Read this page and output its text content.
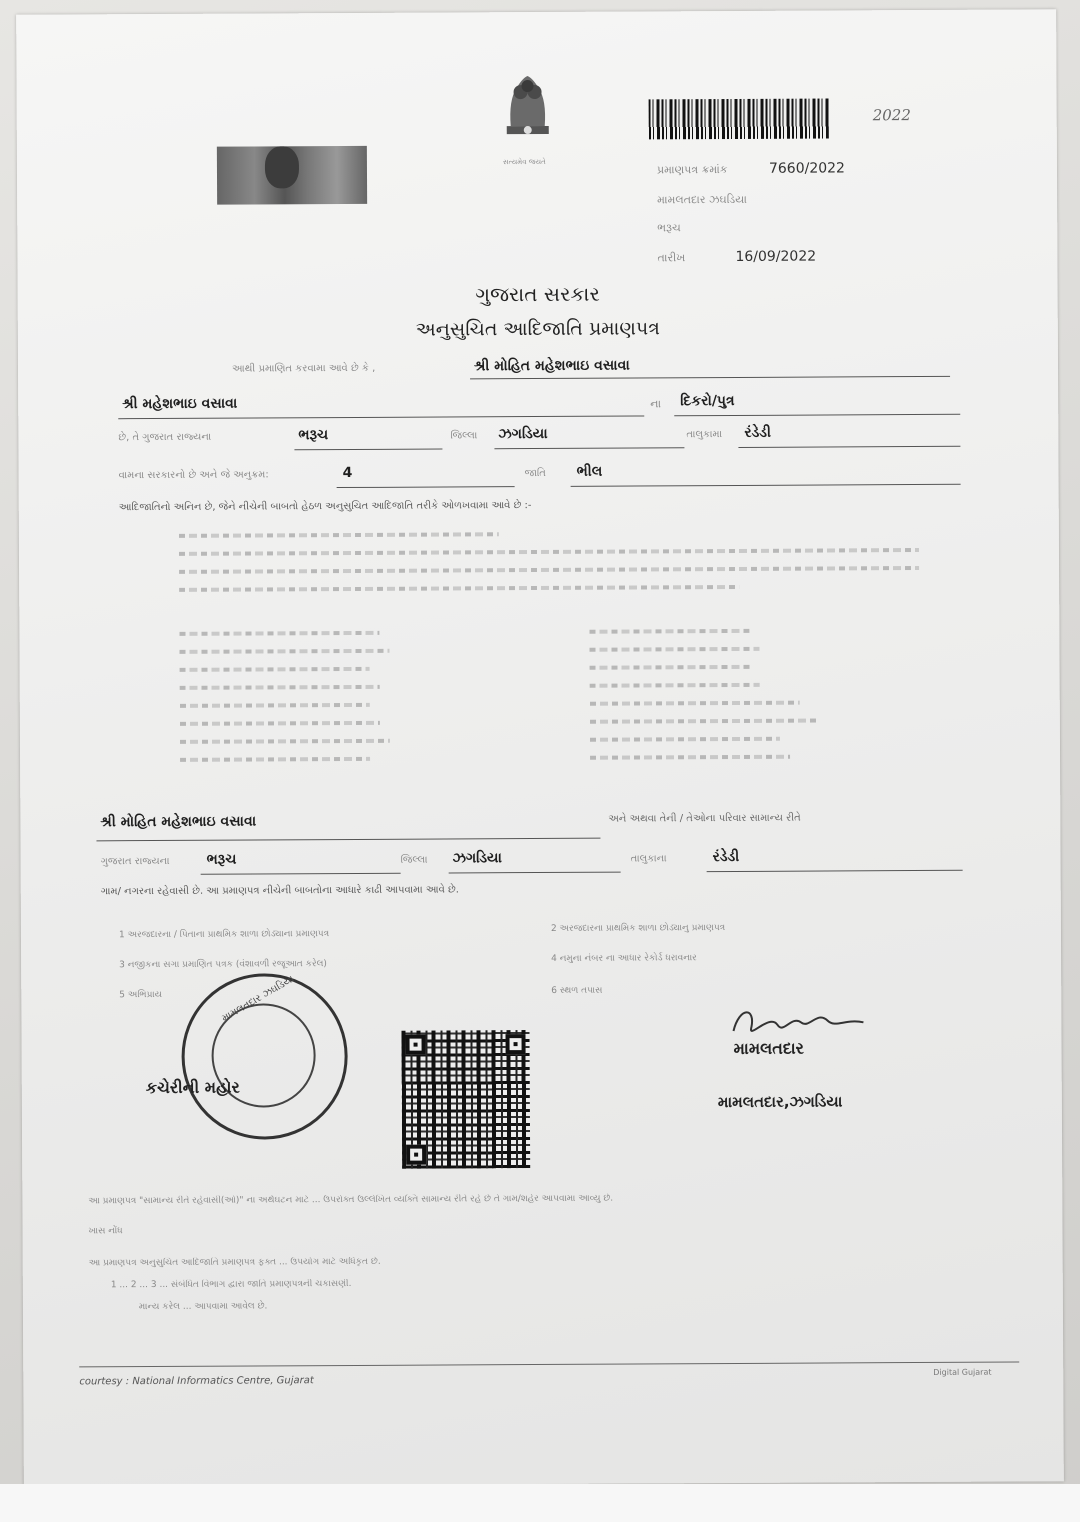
સત્યમેવ જયતે
2022
પ્રમાણપત્ર ક્રમાંક	7660/2022
મામલતદાર ઝઘડિયા
ભરૂચ
તારીખ	16/09/2022
ગુજરાત સરકાર
અનુસુચિત આદિજાતિ પ્રમાણપત્ર
આથી પ્રમાણિત કરવામા આવે છે કે ,	શ્રી મોહિત મહેશભાઇ વસાવા
શ્રી મહેશભાઇ વસાવા	ના દિકરો/પુત્ર
છે, તે ગુજરાત રાજ્યના	ભરૂચ	જિલ્લા ઝગડિયા	તાલુકામા રંડેડી
વામના સરકારનો છે અને જે અનુક્રમ:	4	જાતિ ભીલ
આદિજાતિનો અનિન છે, જેને નીચેની બાબતો હેઠળ અનુસુચિત આદિજાતિ તરીકે ઓળખવામા આવે છે :-
શ્રી મોહિત મહેશભાઇ વસાવા	અને અથવા તેની / તેઓના પરિવાર સામાન્ય રીતે
ગુજરાત રાજ્યના	ભરૂચ	જિલ્લા ઝગડિયા	તાલુકાના	રંડેડી
ગામ/ નગરના રહેવાસી છે. આ પ્રમાણપત્ર નીચેની બાબતોના આધારે કાઢી આપવામા આવે છે.
1 અરજદારના / પિતાના પ્રાથમિક શાળા છોડ્યાના પ્રમાણપત્ર
2 અરજદારના પ્રાથમિક શાળા છોડ્યાનુ પ્રમાણપત્ર
3 નજીકના સગા પ્રમાણિત પત્રક (વંશાવળી રજૂઆત કરેલ)
4 નમુના નંબર ના આધાર રેકોર્ડ ધરાવનાર
5 અભિપ્રાય	6 સ્થળ તપાસ
મામલતદાર ઝઘડિયા
કચેરીની મહોર
મામલતદાર
મામલતદાર,ઝગડિયા
આ પ્રમાણપત્ર "સામાન્ય રીતે રહેવાસી(ઓ)" ના અર્થઘટન માટે ... ઉપરોક્ત ઉલ્લેખિત વ્યક્તિ સામાન્ય રીતે રહે છે તે ગામ/શહેર આપવામા આવ્યુ છે.
ખાસ નોંધ
આ પ્રમાણપત્ર અનુસુચિત આદિજાતિ પ્રમાણપત્ર ફક્ત ... ઉપયોગ માટે અધિકૃત છે.
1 ... 2 ... 3 ... સંબંધિત વિભાગ દ્વારા જાતિ પ્રમાણપત્રની ચકાસણી.
માન્ય કરેલ ... આપવામા આવેલ છે.
courtesy : National Informatics Centre, Gujarat
Digital Gujarat
